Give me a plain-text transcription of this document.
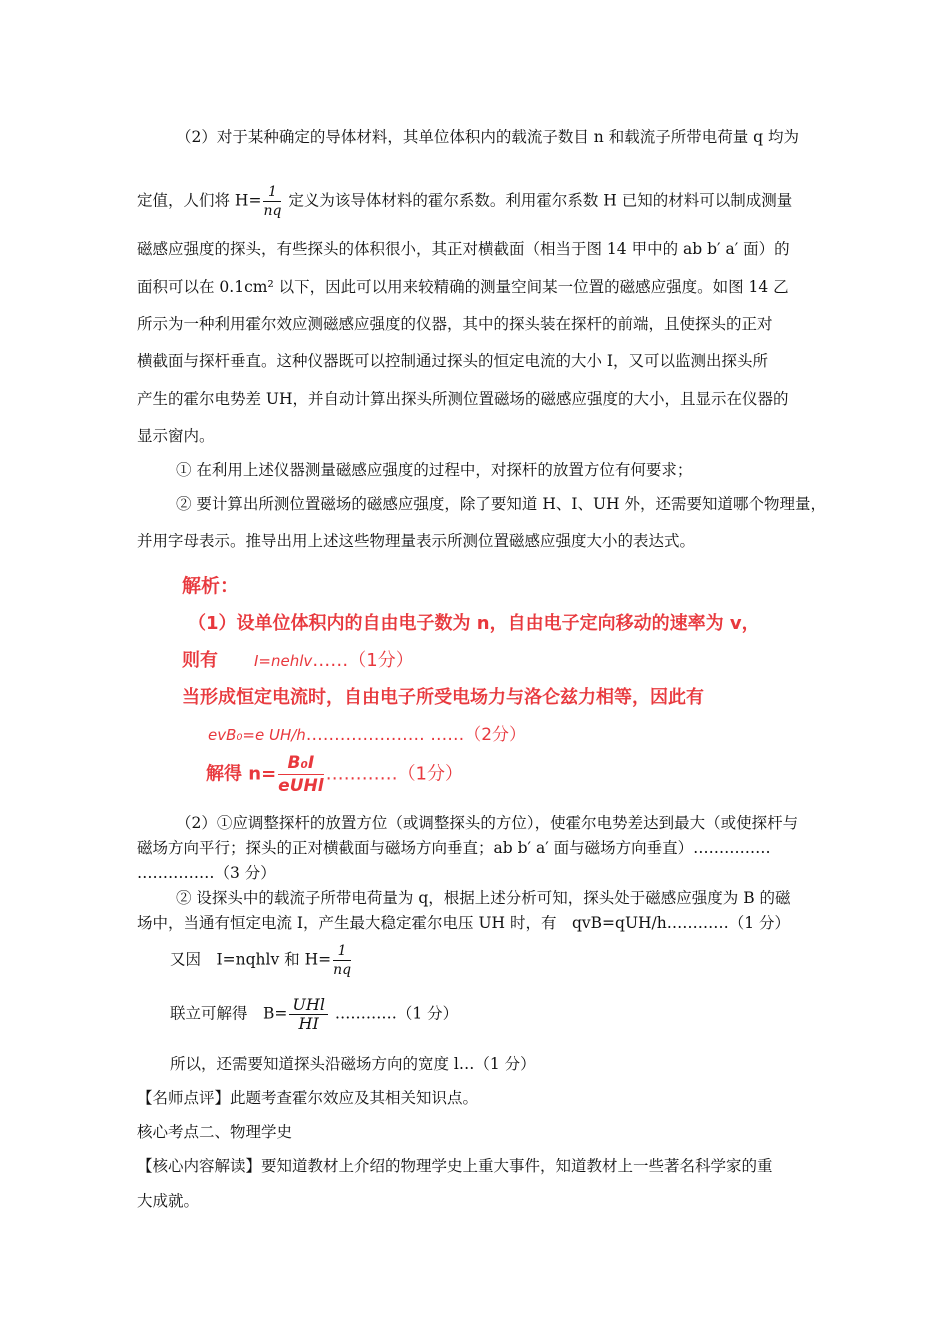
（2）对于某种确定的导体材料，其单位体积内的载流子数目 n 和载流子所带电荷量 q 均为
定值，人们将 $H= \frac{1}{nq}$ 定义为该导体材料的霍尔系数。利用霍尔系数 H 已知的材料可以制成测量
磁感应强度的探头，有些探头的体积很小，其正对横截面（相当于图 14 甲中的 ab b′ a′ 面）的
面积可以在 0.1cm² 以下，因此可以用来较精确的测量空间某一位置的磁感应强度。如图 14 乙
所示为一种利用霍尔效应测磁感应强度的仪器，其中的探头装在探杆的前端，且使探头的正对
横截面与探杆垂直。这种仪器既可以控制通过探头的恒定电流的大小 I，又可以监测出探头所
产生的霍尔电势差 UH，并自动计算出探头所测位置磁场的磁感应强度的大小，且显示在仪器的
显示窗内。
① 在利用上述仪器测量磁感应强度的过程中，对探杆的放置方位有何要求；
② 要计算出所测位置磁场的磁感应强度，除了要知道 H、I、UH 外，还需要知道哪个物理量，
并用字母表示。推导出用上述这些物理量表示所测位置磁感应强度大小的表达式。
解析：
（1）设单位体积内的自由电子数为 n，自由电子定向移动的速率为 v，
则有 I=nehlv……（1分）
当形成恒定电流时，自由电子所受电场力与洛仑兹力相等，因此有
evB₀=e UH/h………………… ……（2分）
解得 $n= \frac{\text{B₀I}}{\text{eUHl}}$ …………（1分）
（2）①应调整探杆的放置方位（或调整探头的方位），使霍尔电势差达到最大（或使探杆与
磁场方向平行；探头的正对横截面与磁场方向垂直；ab b′ a′ 面与磁场方向垂直）……………
……………（3 分）
② 设探头中的载流子所带电荷量为 q，根据上述分析可知，探头处于磁感应强度为 B 的磁
场中，当通有恒定电流 I，产生最大稳定霍尔电压 UH 时，有　qvB=qUH/h…………（1 分）
又因　I=nqhlv 和 $H= \frac{1}{nq}$
联立可解得　$B= \frac{\text{UHl}}{HI}$ …………（1 分）
所以，还需要知道探头沿磁场方向的宽度 l…（1 分）
【名师点评】此题考查霍尔效应及其相关知识点。
核心考点二、物理学史
【核心内容解读】要知道教材上介绍的物理学史上重大事件，知道教材上一些著名科学家的重
大成就。
